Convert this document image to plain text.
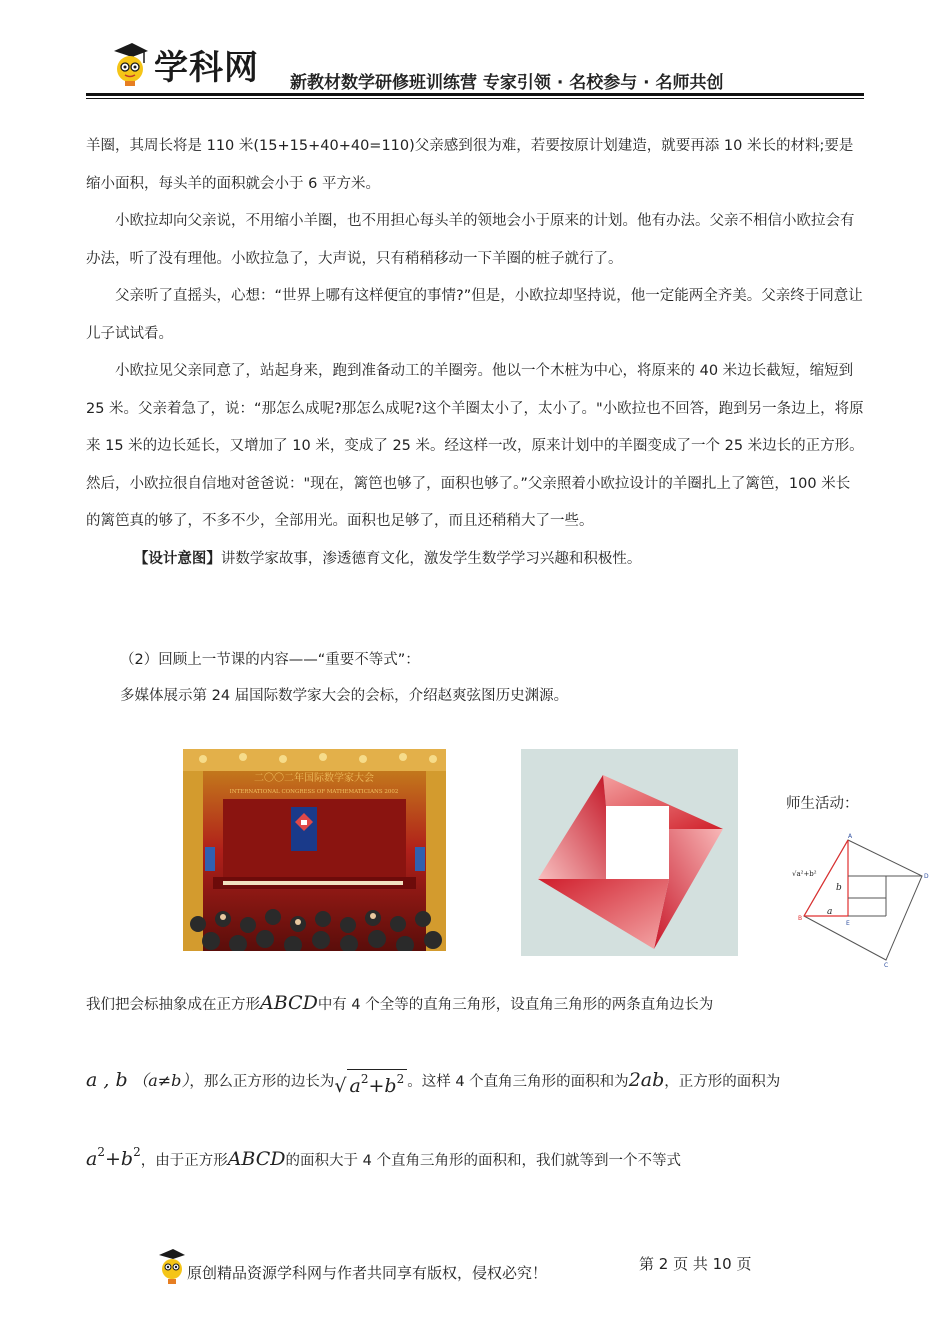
学科网 新教材数学研修班训练营 专家引领 · 名校参与 · 名师共创

羊圈，其周长将是 110 米(15+15+40+40=110)父亲感到很为难，若要按原计划建造，就要再添 10 米长的材料;要是缩小面积，每头羊的面积就会小于 6 平方米。

小欧拉却向父亲说，不用缩小羊圈，也不用担心每头羊的领地会小于原来的计划。他有办法。父亲不相信小欧拉会有办法，听了没有理他。小欧拉急了，大声说，只有稍稍移动一下羊圈的桩子就行了。

父亲听了直摇头，心想：“世界上哪有这样便宜的事情?”但是，小欧拉却坚持说，他一定能两全齐美。父亲终于同意让儿子试试看。

小欧拉见父亲同意了，站起身来，跑到准备动工的羊圈旁。他以一个木桩为中心，将原来的 40 米边长截短，缩短到 25 米。父亲着急了，说：“那怎么成呢?那怎么成呢?这个羊圈太小了，太小了。"小欧拉也不回答，跑到另一条边上，将原来 15 米的边长延长，又增加了 10 米，变成了 25 米。经这样一改，原来计划中的羊圈变成了一个 25 米边长的正方形。然后，小欧拉很自信地对爸爸说："现在，篱笆也够了，面积也够了。”父亲照着小欧拉设计的羊圈扎上了篱笆，100 米长的篱笆真的够了，不多不少，全部用光。面积也足够了，而且还稍稍大了一些。

【设计意图】讲数学家故事，渗透德育文化，激发学生数学学习兴趣和积极性。

（2）回顾上一节课的内容——“重要不等式”：
多媒体展示第 24 届国际数学家大会的会标，介绍赵爽弦图历史渊源。
二〇〇二年国际数学家大会
INTERNATIONAL CONGRESS OF MATHEMATICIANS 2002
师生活动：
A
D
C
B
E
b
a
√a²+b²
我们把会标抽象成在正方形ABCD中有 4 个全等的直角三角形，设直角三角形的两条直角边长为
a , b （a≠b），那么正方形的边长为√ $a^2+b^2$ 。这样 4 个直角三角形的面积和为2ab，正方形的面积为
$a^2+b^2$，由于正方形ABCD的面积大于 4 个直角三角形的面积和，我们就等到一个不等式
原创精品资源学科网与作者共同享有版权，侵权必究！	第 2 页 共 10 页
